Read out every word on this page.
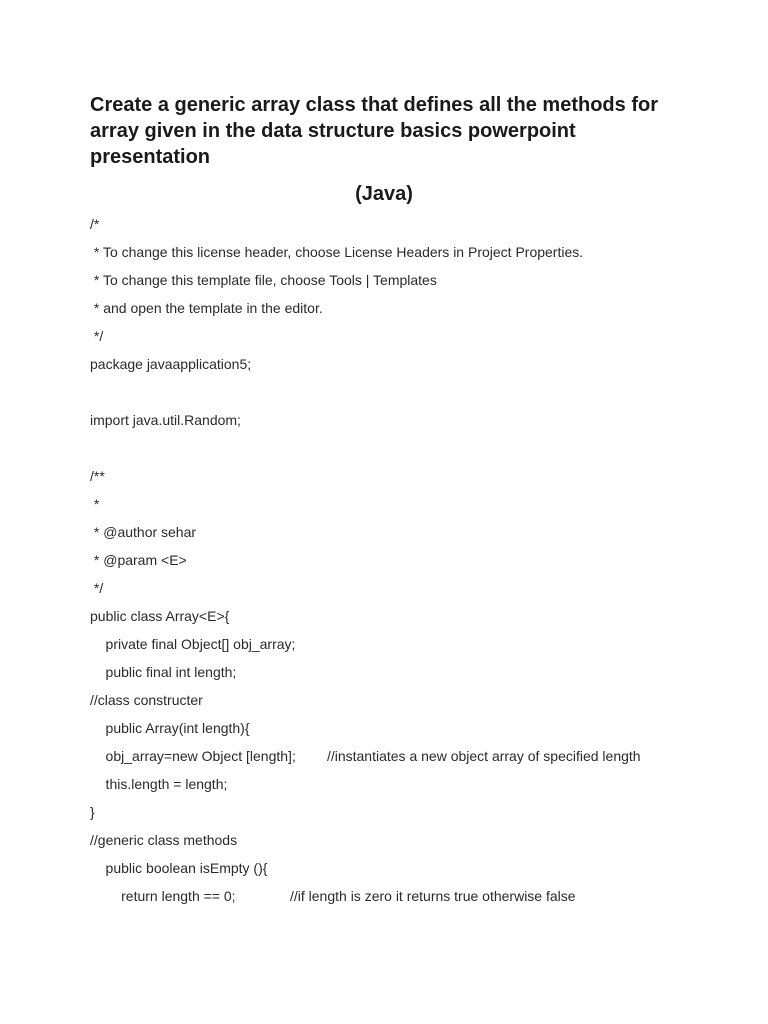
Create a generic array class that defines all the methods for array given in the data structure basics powerpoint presentation
(Java)
/*
* To change this license header, choose License Headers in Project Properties.
* To change this template file, choose Tools | Templates
* and open the template in the editor.
*/
package javaapplication5;
import java.util.Random;
/**
*
* @author sehar
* @param <E>
*/
public class Array<E>{
private final Object[] obj_array;
public final int length;
//class constructer
public Array(int length){
obj_array=new Object [length];        //instantiates a new object array of specified length
this.length = length;
}
//generic class methods
public boolean isEmpty (){
return length == 0;              //if length is zero it returns true otherwise false
